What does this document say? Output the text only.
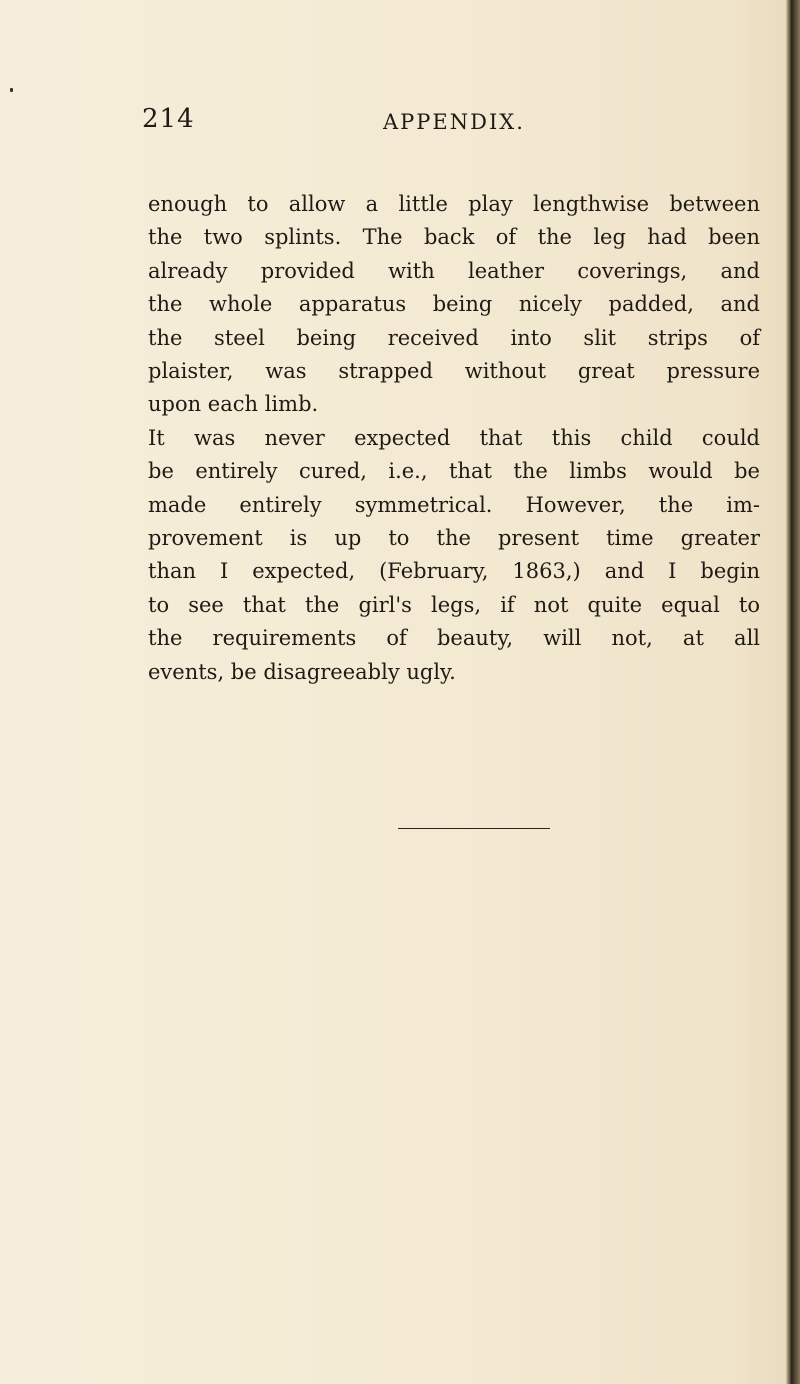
214	APPENDIX.
enough to allow a little play lengthwise between
the two splints. The back of the leg had been
already provided with leather coverings, and
the whole apparatus being nicely padded, and
the steel being received into slit strips of
plaister, was strapped without great pressure
upon each limb.
It was never expected that this child could
be entirely cured, i.e., that the limbs would be
made entirely symmetrical. However, the im-
provement is up to the present time greater
than I expected, (February, 1863,) and I begin
to see that the girl's legs, if not quite equal to
the requirements of beauty, will not, at all
events, be disagreeably ugly.
